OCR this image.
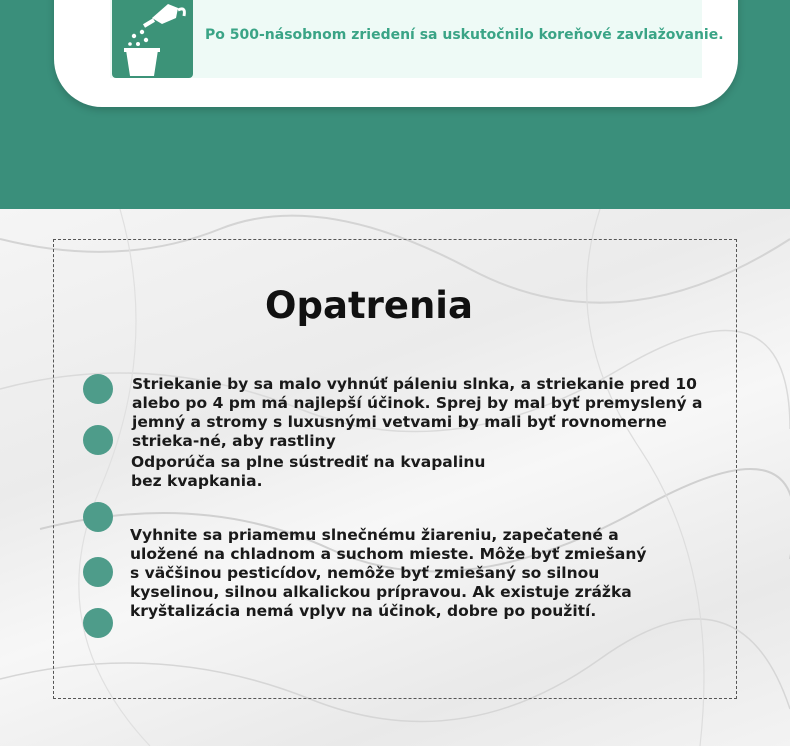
Po 500-násobnom zriedení sa uskutočnilo koreňové zavlažovanie.
Opatrenia
Striekanie by sa malo vyhnúť páleniu slnka, a striekanie pred 10 alebo po 4 pm má najlepší účinok. Sprej by mal byť premyslený a jemný a stromy s luxusnými vetvami by mali byť rovnomerne strieka-né, aby rastliny
Odporúča sa plne sústrediť na kvapalinu bez kvapkania.
Vyhnite sa priamemu slnečnému žiareniu, zapečatené a uložené na chladnom a suchom mieste. Môže byť zmiešaný s väčšinou pesticídov, nemôže byť zmiešaný so silnou kyselinou, silnou alkalickou prípravou. Ak existuje zrážka kryštalizácia nemá vplyv na účinok, dobre po použití.
